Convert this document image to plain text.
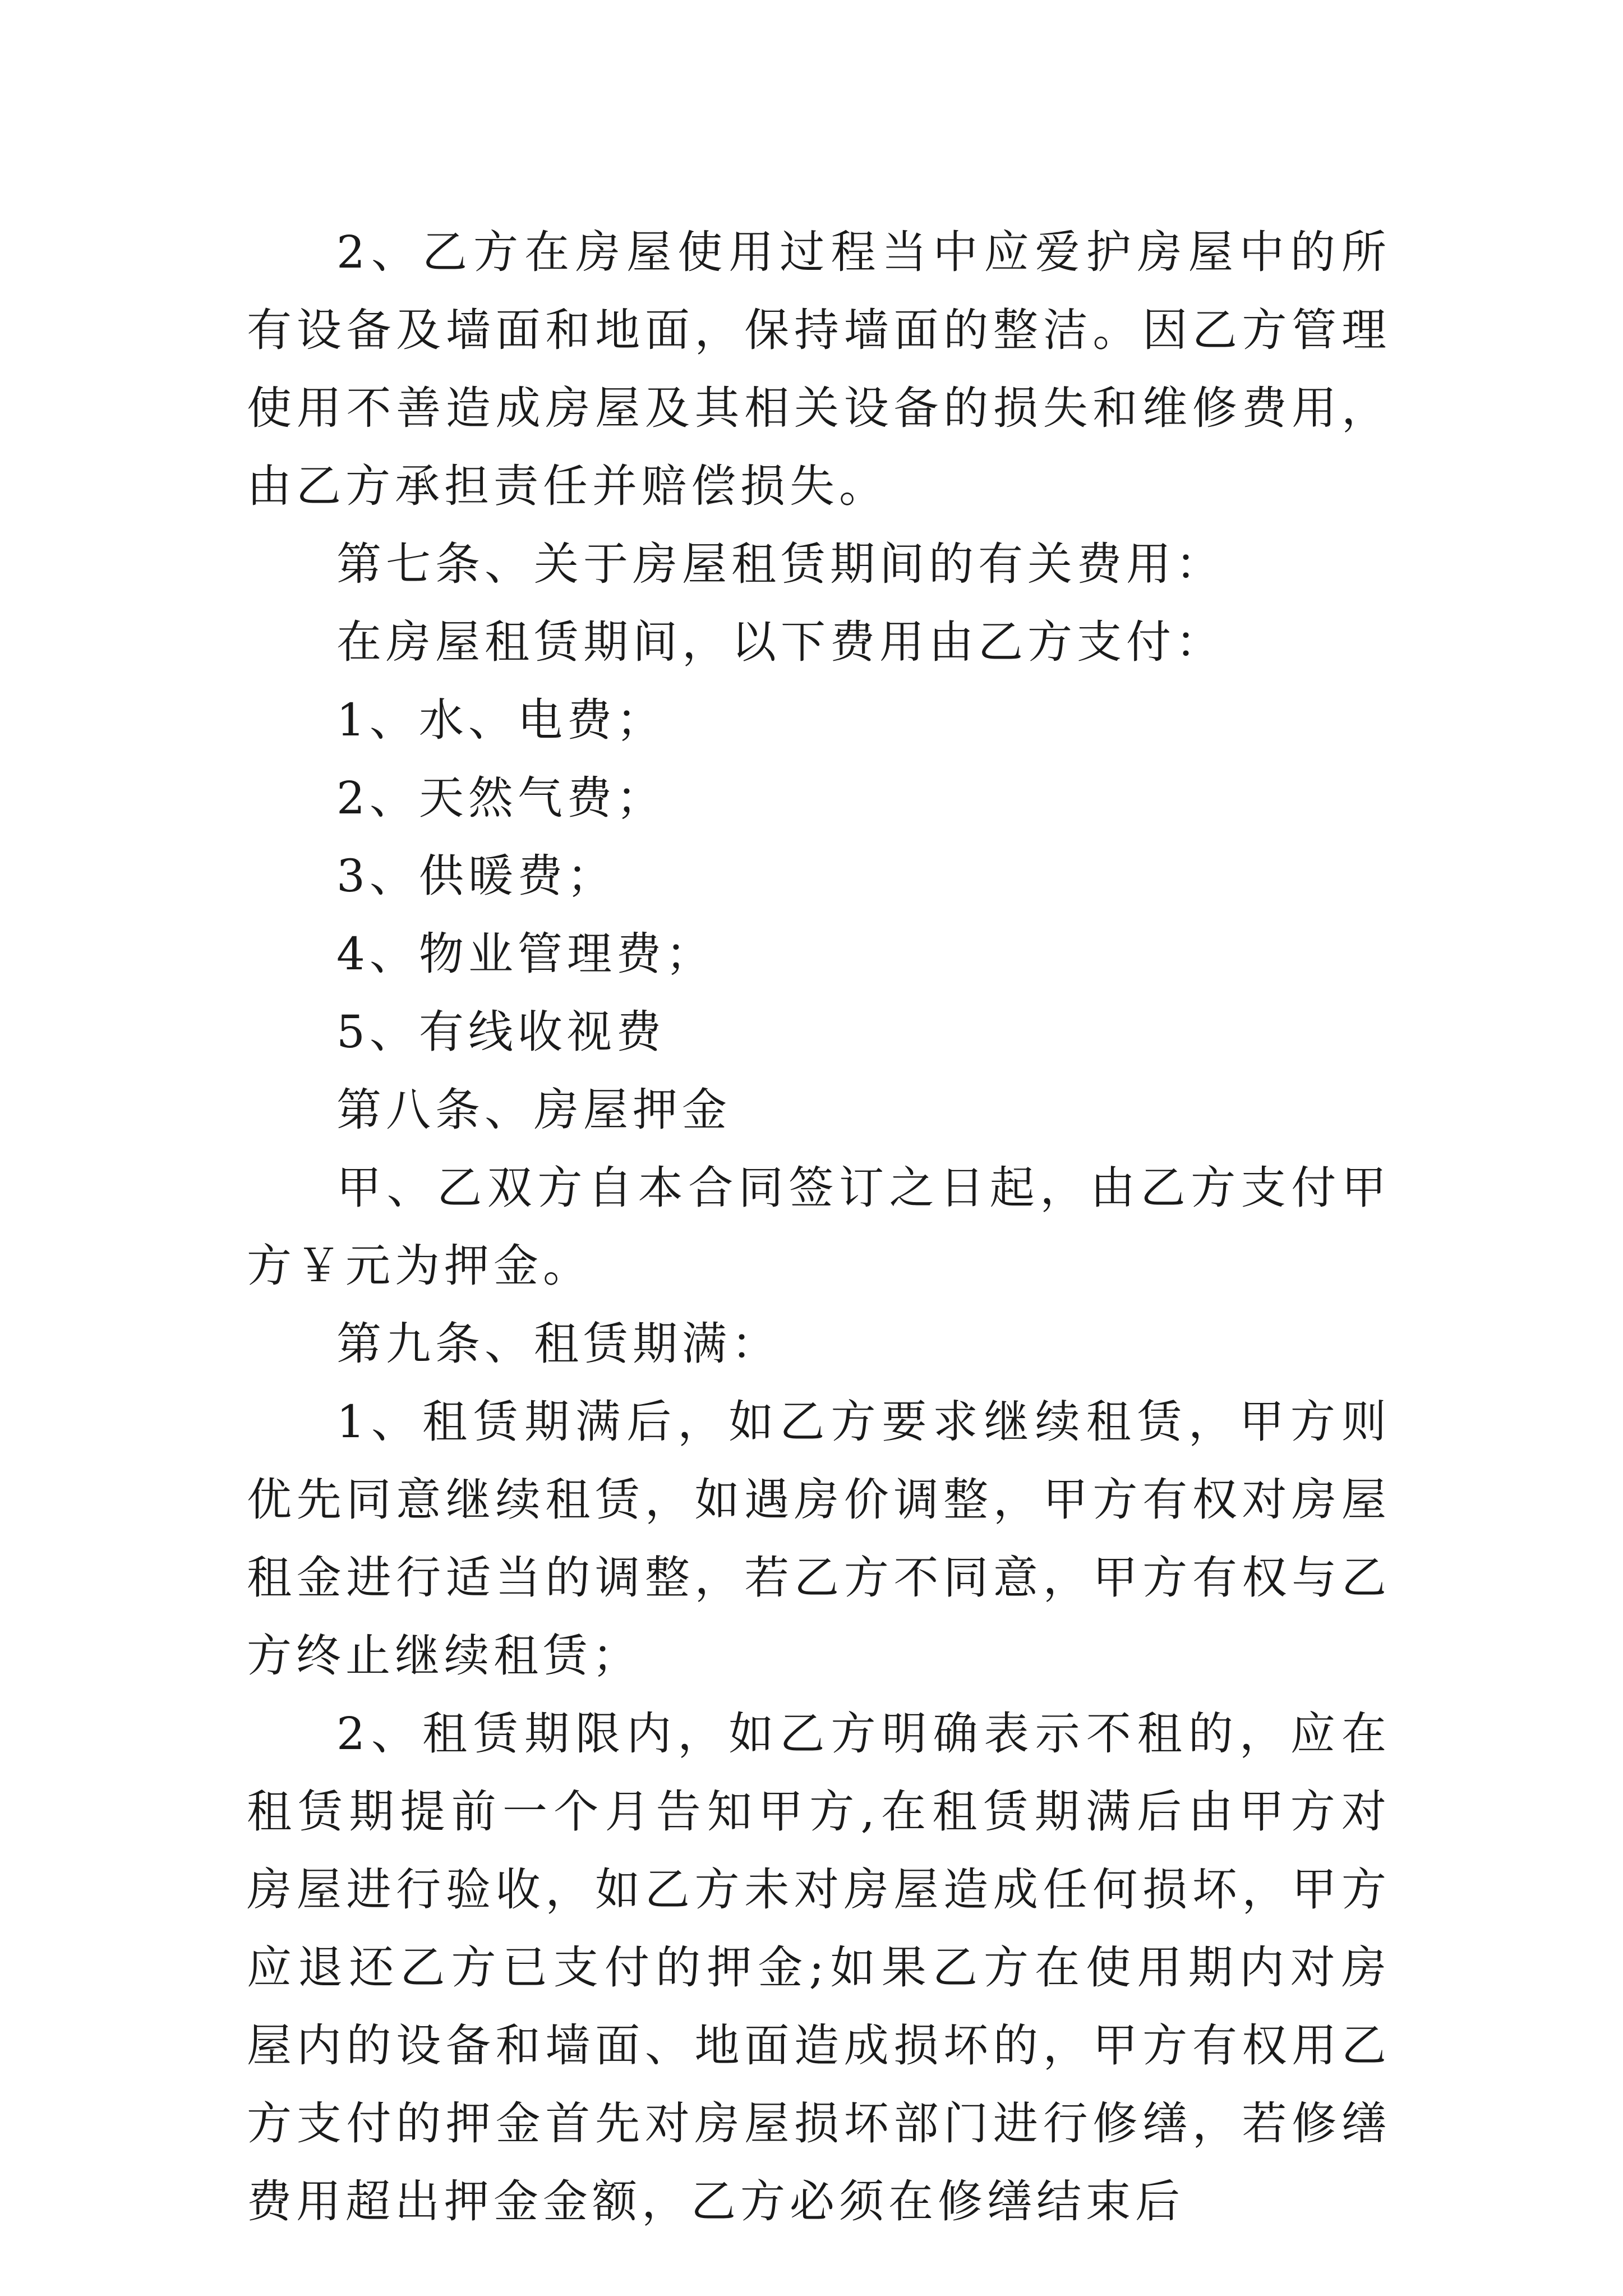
2、乙方在房屋使用过程当中应爱护房屋中的所有设备及墙面和地面，保持墙面的整洁。因乙方管理使用不善造成房屋及其相关设备的损失和维修费用，由乙方承担责任并赔偿损失。

第七条、关于房屋租赁期间的有关费用：

在房屋租赁期间，以下费用由乙方支付：

1、水、电费；

2、天然气费；

3、供暖费；

4、物业管理费；

5、有线收视费

第八条、房屋押金

甲、乙双方自本合同签订之日起，由乙方支付甲方￥元为押金。

第九条、租赁期满：

1、租赁期满后，如乙方要求继续租赁，甲方则优先同意继续租赁，如遇房价调整，甲方有权对房屋租金进行适当的调整，若乙方不同意，甲方有权与乙方终止继续租赁；

2、租赁期限内，如乙方明确表示不租的，应在租赁期提前一个月告知甲方,在租赁期满后由甲方对房屋进行验收，如乙方未对房屋造成任何损坏，甲方应退还乙方已支付的押金;如果乙方在使用期内对房屋内的设备和墙面、地面造成损坏的，甲方有权用乙方支付的押金首先对房屋损坏部门进行修缮，若修缮费用超出押金金额，乙方必须在修缮结束后
